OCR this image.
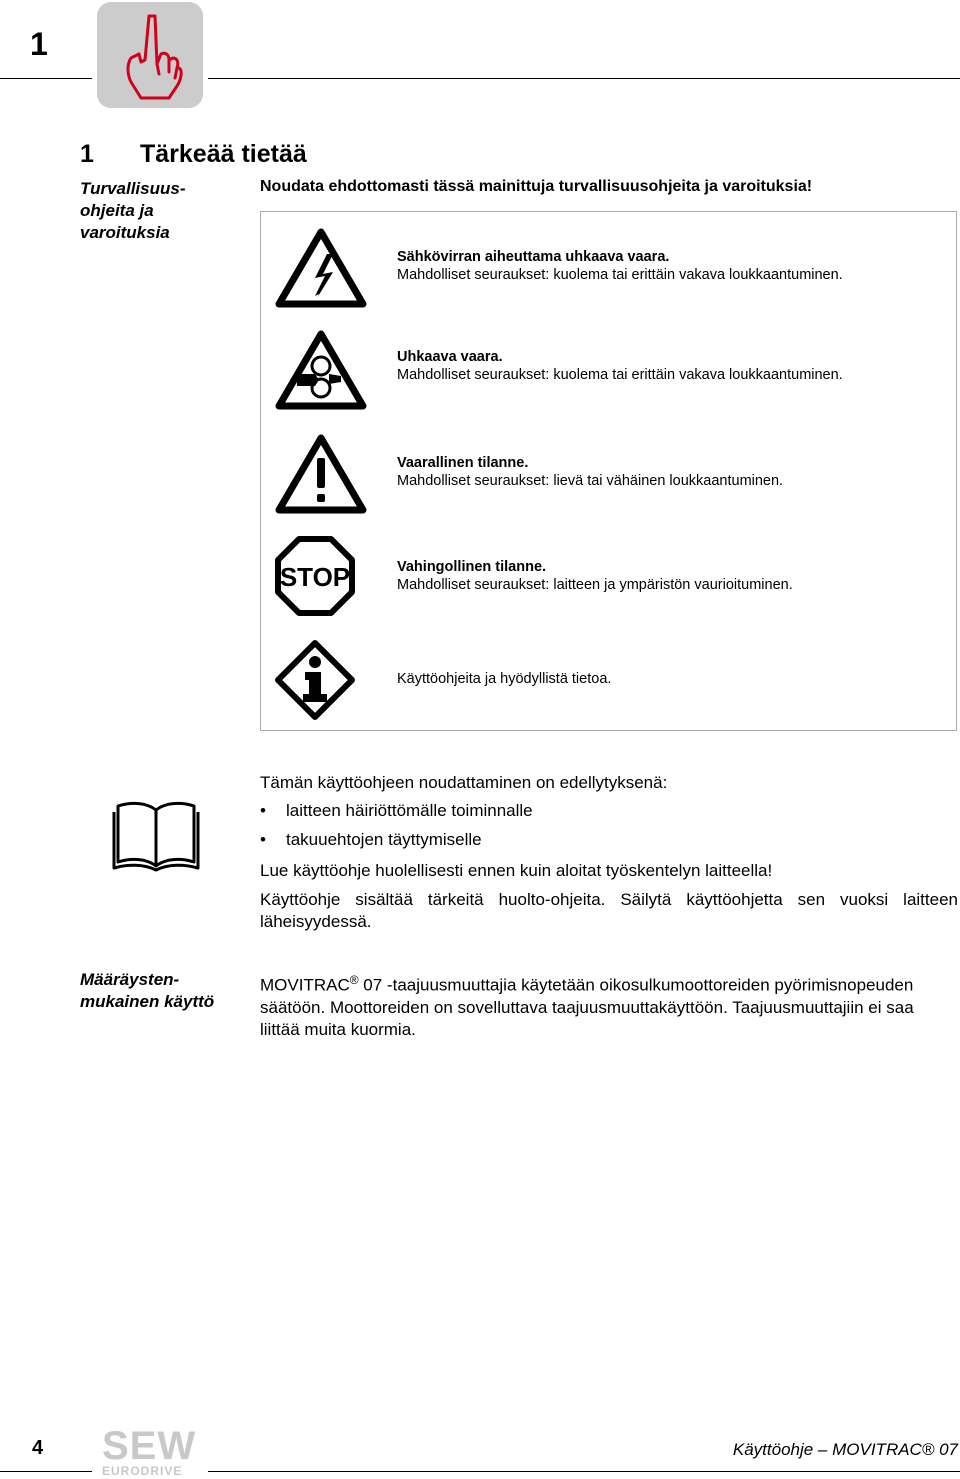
1
1 Tärkeää tietää
Turvallisuus-
ohjeita ja
varoituksia
Noudata ehdottomasti tässä mainittuja turvallisuusohjeita ja varoituksia!
Sähkövirran aiheuttama uhkaava vaara.
Mahdolliset seuraukset: kuolema tai erittäin vakava loukkaantuminen.
Uhkaava vaara.
Mahdolliset seuraukset: kuolema tai erittäin vakava loukkaantuminen.
Vaarallinen tilanne.
Mahdolliset seuraukset: lievä tai vähäinen loukkaantuminen.
STOP	Vahingollinen tilanne.
Mahdolliset seuraukset: laitteen ja ympäristön vaurioituminen.
Käyttöohjeita ja hyödyllistä tietoa.
Tämän käyttöohjeen noudattaminen on edellytyksenä:
• laitteen häiriöttömälle toiminnalle
• takuuehtojen täyttymiselle
Lue käyttöohje huolellisesti ennen kuin aloitat työskentelyn laitteella!
Käyttöohje sisältää tärkeitä huolto-ohjeita. Säilytä käyttöohjetta sen vuoksi laitteen läheisyydessä.
Määräysten-
mukainen käyttö
MOVITRAC® 07 -taajuusmuuttajia käytetään oikosulkumoottoreiden pyörimisnopeuden säätöön. Moottoreiden on sovelluttava taajuusmuuttakäyttöön. Taajuusmuuttajiin ei saa liittää muita kuormia.
4 SEW
EURODRIVE
Käyttöohje – MOVITRAC® 07
